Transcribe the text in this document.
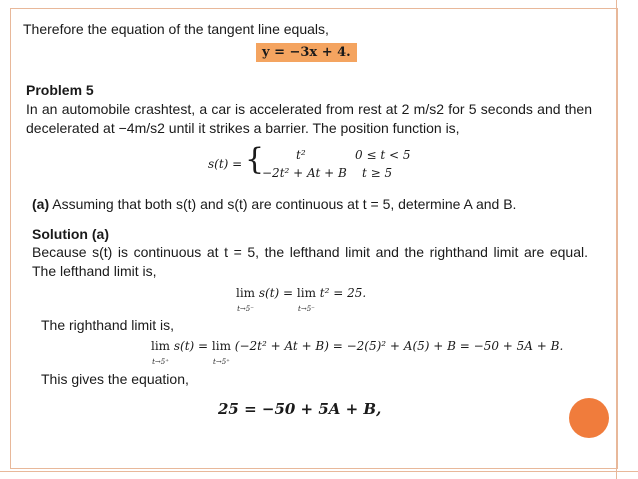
Therefore the equation of the tangent line equals,
y = −3x + 4.
Problem 5
In an automobile crashtest, a car is accelerated from rest at 2 m/s2 for 5 seconds and then decelerated at −4m/s2 until it strikes a barrier. The position function is,
s(t) = {	t²	0 ≤ t < 5
−2t² + At + B t ≥ 5
(a) Assuming that both s(t) and s(t) are continuous at t = 5, determine A and B.
Solution (a)
Because s(t) is continuous at t = 5, the lefthand limit and the righthand limit are equal. The lefthand limit is,
lim
t→5⁻ s(t) = lim
t→5⁻ t² = 25.
The righthand limit is,
lim
t→5⁺ s(t) = lim
t→5⁺ (−2t² + At + B) = −2(5)² + A(5) + B = −50 + 5A + B.
This gives the equation,
25 = −50 + 5A + B,
